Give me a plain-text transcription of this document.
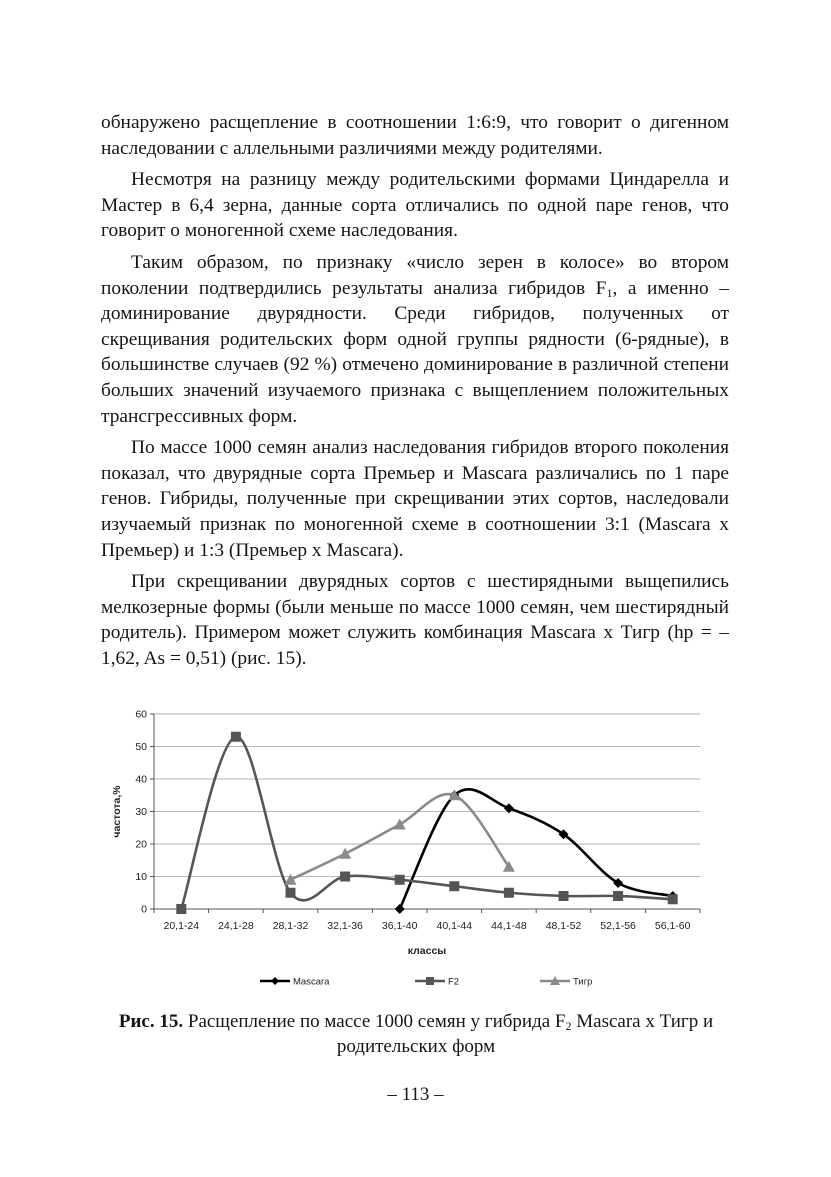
обнаружено расщепление в соотношении 1:6:9, что говорит о дигенном наследовании с аллельными различиями между родителями.

Несмотря на разницу между родительскими формами Циндарелла и Мастер в 6,4 зерна, данные сорта отличались по одной паре генов, что говорит о моногенной схеме наследования.

Таким образом, по признаку «число зерен в колосе» во втором поколении подтвердились результаты анализа гибридов $F_1$, а именно – доминирование двурядности. Среди гибридов, полученных от скрещивания родительских форм одной группы рядности (6-рядные), в большинстве случаев (92 %) отмечено доминирование в различной степени больших значений изучаемого признака с выщеплением положительных трансгрессивных форм.

По массе 1000 семян анализ наследования гибридов второго поколения показал, что двурядные сорта Премьер и Mascara различались по 1 паре генов. Гибриды, полученные при скрещивании этих сортов, наследовали изучаемый признак по моногенной схеме в соотношении 3:1 (Mascara х Премьер) и 1:3 (Премьер х Mascara).

При скрещивании двурядных сортов с шестирядными выщепились мелкозерные формы (были меньше по массе 1000 семян, чем шестирядный родитель). Примером может служить комбинация Mascara х Тигр (hp = –1,62, As = 0,51) (рис. 15).

0
10
20
30
40
50
60
20,1-24 24,1-28 28,1-32 32,1-36 36,1-40 40,1-44 44,1-48 48,1-52 52,1-56 56,1-60
классы
частота,%
Mascara	F2	Тигр
Рис. 15. Расщепление по массе 1000 семян у гибрида $F_2$ Mascara х Тигр и родительских форм
– 113 –
